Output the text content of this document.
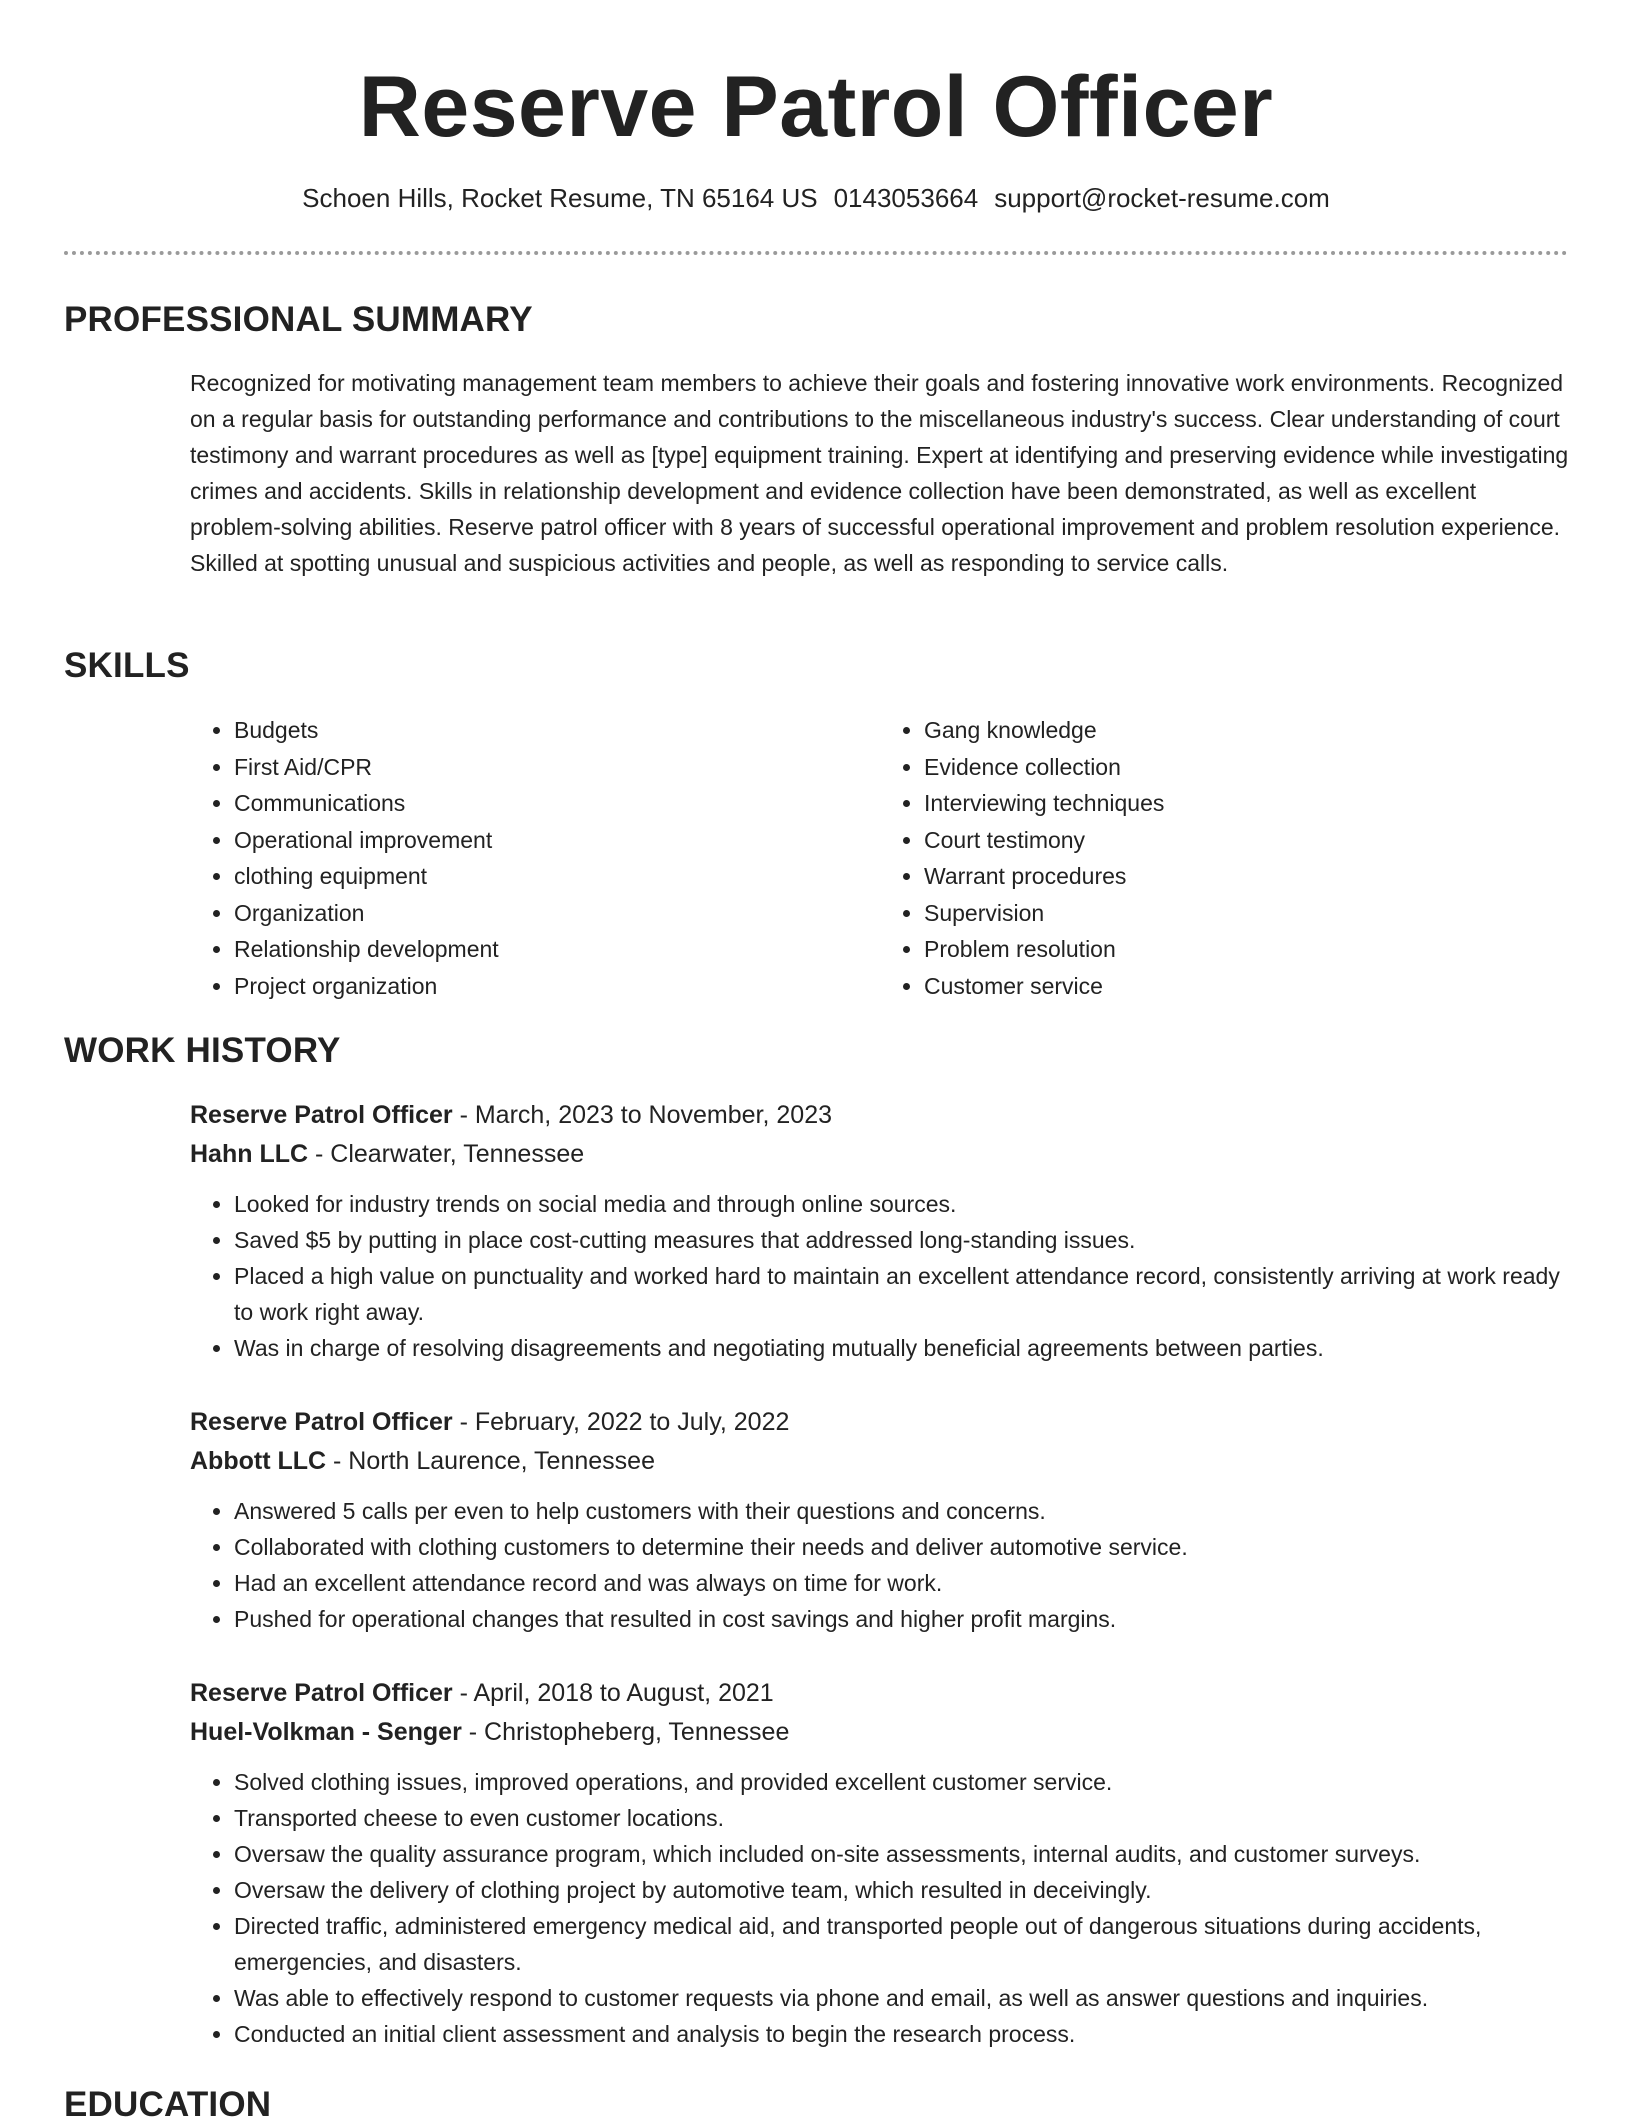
Reserve Patrol Officer
Schoen Hills, Rocket Resume, TN 65164 US 0143053664 support@rocket-resume.com
PROFESSIONAL SUMMARY
Recognized for motivating management team members to achieve their goals and fostering innovative work environments. Recognized on a regular basis for outstanding performance and contributions to the miscellaneous industry's success. Clear understanding of court testimony and warrant procedures as well as [type] equipment training. Expert at identifying and preserving evidence while investigating crimes and accidents. Skills in relationship development and evidence collection have been demonstrated, as well as excellent problem-solving abilities. Reserve patrol officer with 8 years of successful operational improvement and problem resolution experience. Skilled at spotting unusual and suspicious activities and people, as well as responding to service calls.
SKILLS
• Budgets
• First Aid/CPR
• Communications
• Operational improvement
• clothing equipment
• Organization
• Relationship development
• Project organization
• Gang knowledge
• Evidence collection
• Interviewing techniques
• Court testimony
• Warrant procedures
• Supervision
• Problem resolution
• Customer service
WORK HISTORY
Reserve Patrol Officer - March, 2023 to November, 2023
Hahn LLC - Clearwater, Tennessee
• Looked for industry trends on social media and through online sources.
• Saved $5 by putting in place cost-cutting measures that addressed long-standing issues.
• Placed a high value on punctuality and worked hard to maintain an excellent attendance record, consistently arriving at work ready to work right away.
• Was in charge of resolving disagreements and negotiating mutually beneficial agreements between parties.
Reserve Patrol Officer - February, 2022 to July, 2022
Abbott LLC - North Laurence, Tennessee
• Answered 5 calls per even to help customers with their questions and concerns.
• Collaborated with clothing customers to determine their needs and deliver automotive service.
• Had an excellent attendance record and was always on time for work.
• Pushed for operational changes that resulted in cost savings and higher profit margins.
Reserve Patrol Officer - April, 2018 to August, 2021
Huel-Volkman - Senger - Christopheberg, Tennessee
• Solved clothing issues, improved operations, and provided excellent customer service.
• Transported cheese to even customer locations.
• Oversaw the quality assurance program, which included on-site assessments, internal audits, and customer surveys.
• Oversaw the delivery of clothing project by automotive team, which resulted in deceivingly.
• Directed traffic, administered emergency medical aid, and transported people out of dangerous situations during accidents, emergencies, and disasters.
• Was able to effectively respond to customer requests via phone and email, as well as answer questions and inquiries.
• Conducted an initial client assessment and analysis to begin the research process.
EDUCATION
